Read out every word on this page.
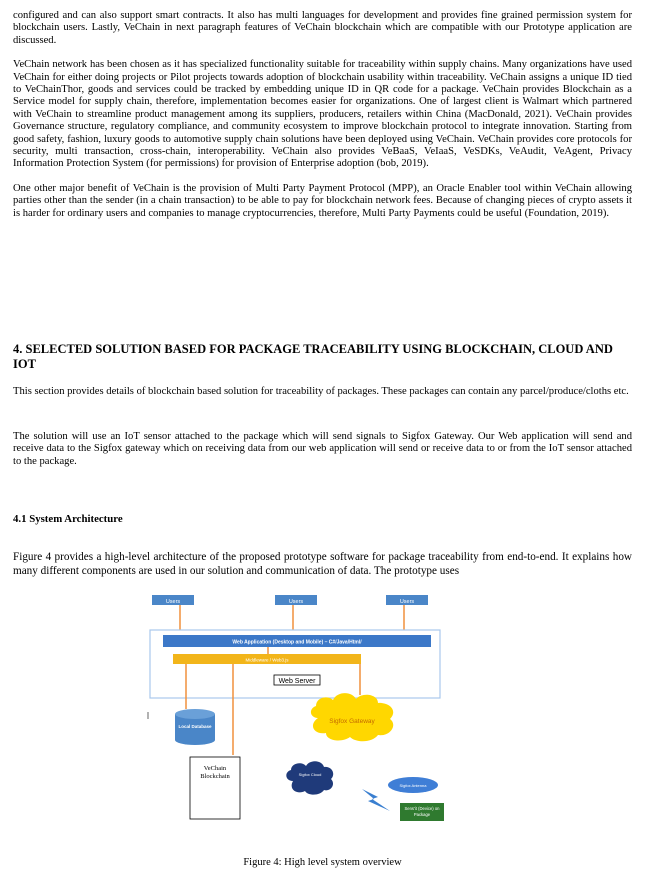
configured and can also support smart contracts. It also has multi languages for development and provides fine grained permission system for blockchain users. Lastly, VeChain in next paragraph features of VeChain blockchain which are compatible with our Prototype application are discussed.

VeChain network has been chosen as it has specialized functionality suitable for traceability within supply chains. Many organizations have used VeChain for either doing projects or Pilot projects towards adoption of blockchain usability within traceability. VeChain assigns a unique ID tied to VeChainThor, goods and services could be tracked by embedding unique ID in QR code for a package. VeChain provides Blockchain as a Service model for supply chain, therefore, implementation becomes easier for organizations. One of largest client is Walmart which partnered with VeChain to streamline product management among its suppliers, producers, retailers within China (MacDonald, 2021). VeChain provides Governance structure, regulatory compliance, and community ecosystem to improve blockchain protocol to integrate innovation. Starting from good safety, fashion, luxury goods to automotive supply chain solutions have been deployed using VeChain. VeChain provides core protocols for security, multi transaction, cross-chain, interoperability. VeChain also provides VeBaaS, VeIaaS, VeSDKs, VeAudit, VeAgent, Privacy Information Protection System (for permissions) for provision of Enterprise adoption (bob, 2019).

One other major benefit of VeChain is the provision of Multi Party Payment Protocol (MPP), an Oracle Enabler tool within VeChain allowing parties other than the sender (in a chain transaction) to be able to pay for blockchain network fees. Because of changing pieces of crypto assets it is harder for ordinary users and companies to manage cryptocurrencies, therefore, Multi Party Payments could be useful (Foundation, 2019).

4. SELECTED SOLUTION BASED FOR PACKAGE TRACEABILITY USING BLOCKCHAIN, CLOUD AND IOT

This section provides details of blockchain based solution for traceability of packages. These packages can contain any parcel/produce/cloths etc.

The solution will use an IoT sensor attached to the package which will send signals to Sigfox Gateway. Our Web application will send and receive data to the Sigfox gateway which on receiving data from our web application will send or receive data to or from the IoT sensor attached to the package.

4.1 System Architecture

Figure 4 provides a high-level architecture of the proposed prototype software for package traceability from end-to-end. It explains how many different components are used in our solution and communication of data. The prototype uses

Users	Users	Users
Web Application (Desktop and Mobile) – C#/Java/Html/
Middleware / Web3.js
Web Server
Sigfox Gateway
Local Database
VeChain Blockchain	Sigfox Cloud
Sigfox Antenna
Sens'it (Device) on Package
Figure 4: High level system overview
